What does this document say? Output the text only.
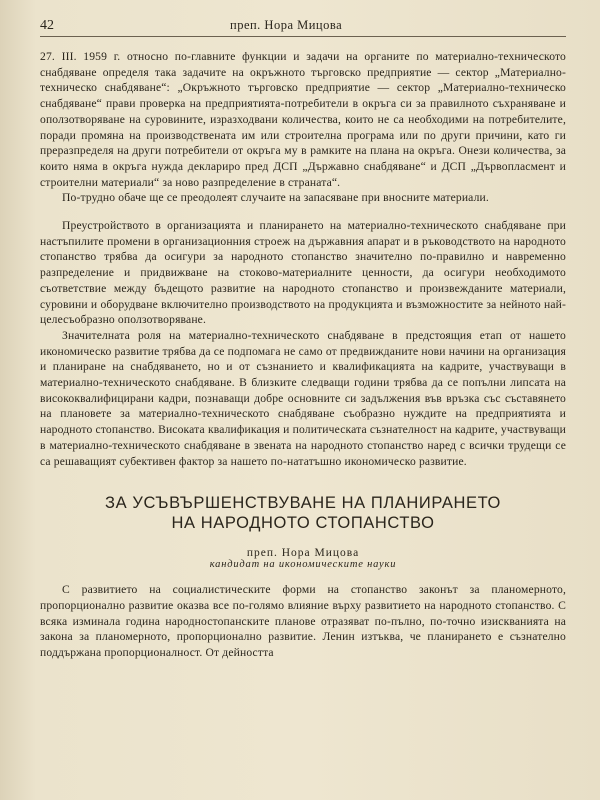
42	преп. Нора Мицова

27. III. 1959 г. относно по-главните функции и задачи на органите по материално-техническото снабдяване определя така задачите на окръжното търговско предприятие — сектор „Материално-техническо снабдяване“: „Окръжното търговско предприятие — сектор „Материално-техническо снабдяване“ прави проверка на предприятията-потребители в окръга си за правилното съхраняване и оползотворяване на суровините, изразходвани количества, които не са необходими на потребителите, поради промяна на производствената им или строителна програма или по други причини, като ги преразпределя на други потребители от окръга му в рамките на плана на окръга. Онези количества, за които няма в окръга нужда деклариро пред ДСП „Държавно снабдяване“ и ДСП „Дървопласмент и строителни материали“ за ново разпределение в страната“.

По-трудно обаче ще се преодолеят случаите на запасяване при вносните материали.

Преустройството в организацията и планирането на материално-техническото снабдяване при настъпилите промени в организационния строеж на държавния апарат и в ръководството на народното стопанство трябва да осигури за народното стопанство значително по-правилно и навременно разпределение и придвижване на стоково-материалните ценности, да осигури необходимото съответствие между бъдещото развитие на народното стопанство и произвежданите материали, суровини и оборудване включително производството на продукцията и възможностите за нейното най-целесъобразно оползотворяване.

Значителната роля на материално-техническото снабдяване в предстоящия етап от нашето икономическо развитие трябва да се подпомага не само от предвижданите нови начини на организация и планиране на снабдяването, но и от съзнанието и квалификацията на кадрите, участвуващи в материално-техническото снабдяване. В близките следващи години трябва да се попълни липсата на висококвалифицирани кадри, познаващи добре основните си задължения във връзка със съставянето на плановете за материално-техническото снабдяване съобразно нуждите на предприятията и народното стопанство. Високата квалификация и политическата съзнателност на кадрите, участвуващи в материално-техническото снабдяване в звената на народното стопанство наред с всички трудещи се са решаващият субективен фактор за нашето по-нататъшно икономическо развитие.

ЗА УСЪВЪРШЕНСТВУВАНЕ НА ПЛАНИРАНЕТО
НА НАРОДНОТО СТОПАНСТВО
преп. Нора Мицова
кандидат на икономическите науки

С развитието на социалистическите форми на стопанство законът за планомерното, пропорционално развитие оказва все по-голямо влияние върху развитието на народното стопанство. С всяка изминала година народностопанските планове отразяват по-пълно, по-точно изискванията на закона за планомерното, пропорционално развитие. Ленин изтъква, че планирането е съзнателно поддържана пропорционалност. От дейността
